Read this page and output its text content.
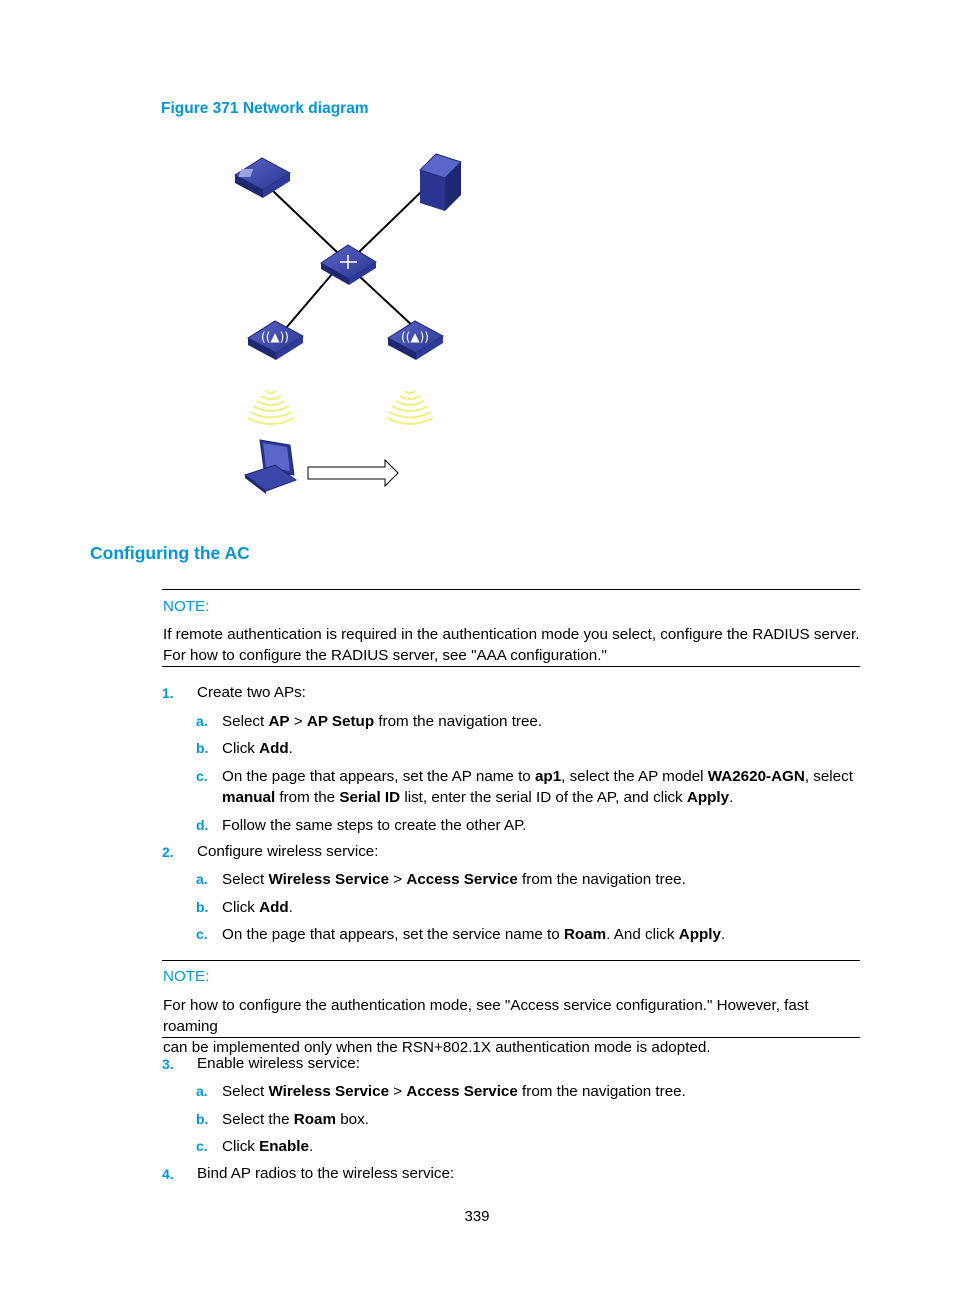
Figure 371 Network diagram
((▲))	((▲))
Configuring the AC
NOTE:
If remote authentication is required in the authentication mode you select, configure the RADIUS server.
For how to configure the RADIUS server, see "AAA configuration."
1. Create two APs:
a. Select AP > AP Setup from the navigation tree.
b. Click Add.
c. On the page that appears, set the AP name to ap1, select the AP model WA2620-AGN, select manual from the Serial ID list, enter the serial ID of the AP, and click Apply.
d. Follow the same steps to create the other AP.
2. Configure wireless service:
a. Select Wireless Service > Access Service from the navigation tree.
b. Click Add.
c. On the page that appears, set the service name to Roam. And click Apply.
NOTE:
For how to configure the authentication mode, see "Access service configuration." However, fast roaming
can be implemented only when the RSN+802.1X authentication mode is adopted.
3. Enable wireless service:
a. Select Wireless Service > Access Service from the navigation tree.
b. Select the Roam box.
c. Click Enable.
4. Bind AP radios to the wireless service:
339
